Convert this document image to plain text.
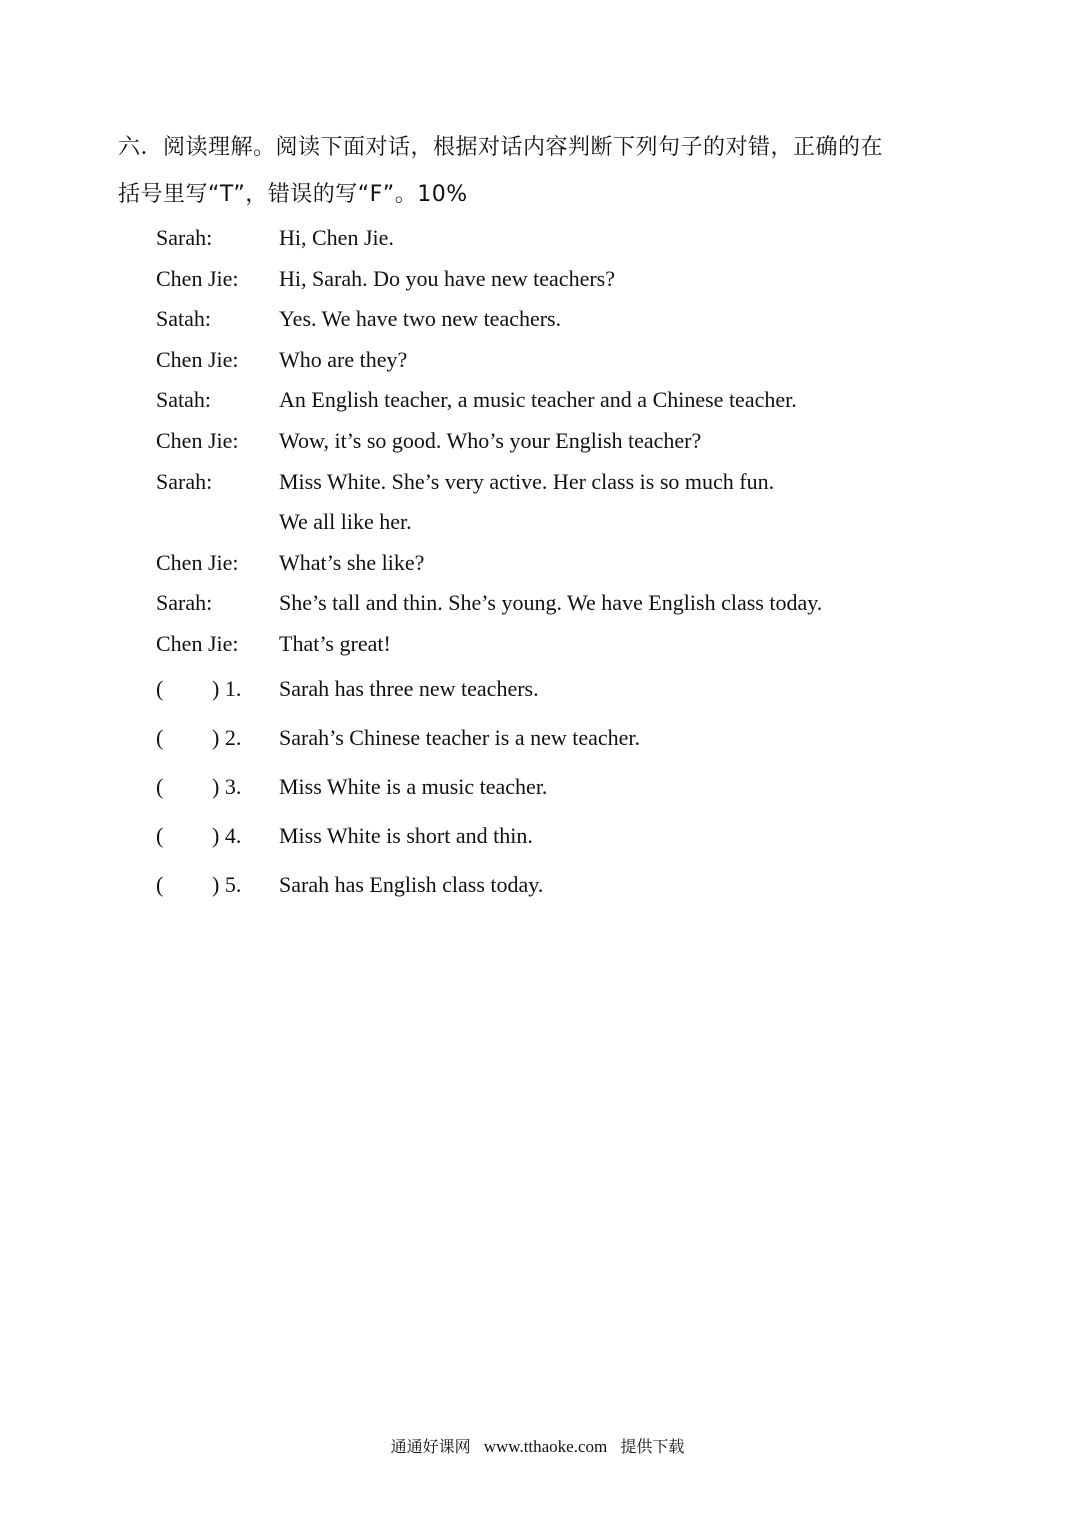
六．阅读理解。阅读下面对话，根据对话内容判断下列句子的对错，正确的在
括号里写“T”，错误的写“F”。10%
Sarah:	Hi, Chen Jie.
Chen Jie:	Hi, Sarah. Do you have new teachers?
Satah:	Yes. We have two new teachers.
Chen Jie:	Who are they?
Satah:	An English teacher, a music teacher and a Chinese teacher.
Chen Jie:	Wow, it’s so good. Who’s your English teacher?
Sarah:	Miss White. She’s very active. Her class is so much fun.
We all like her.
Chen Jie:	What’s she like?
Sarah:	She’s tall and thin. She’s young. We have English class today.
Chen Jie:	That’s great!
(	) 1.	Sarah has three new teachers.
(	) 2.	Sarah’s Chinese teacher is a new teacher.
(	) 3.	Miss White is a music teacher.
(	) 4.	Miss White is short and thin.
(	) 5.	Sarah has English class today.
通通好课网 www.tthaoke.com 提供下载
